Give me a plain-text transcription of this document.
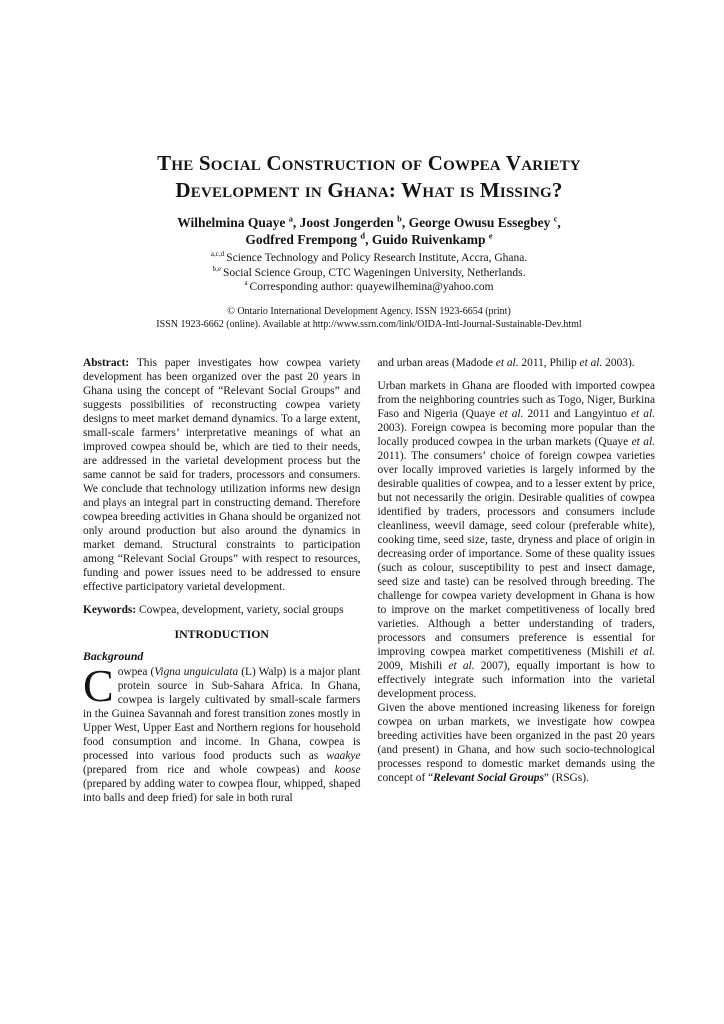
The Social Construction of Cowpea Variety
Development in Ghana: What is Missing?
Wilhelmina Quaye $^a$, Joost Jongerden $^b$, George Owusu Essegbey $^c$,
Godfred Frempong $^d$, Guido Ruivenkamp $^e$
$^{a,c,d}$ Science Technology and Policy Research Institute, Accra, Ghana.
$^{b,e}$ Social Science Group, CTC Wageningen University, Netherlands.
$^a$ Corresponding author: quayewilhemina@yahoo.com
© Ontario International Development Agency. ISSN 1923-6654 (print)
ISSN 1923-6662 (online). Available at http://www.ssrn.com/link/OIDA-Intl-Journal-Sustainable-Dev.html

Abstract: This paper investigates how cowpea variety development has been organized over the past 20 years in Ghana using the concept of “Relevant Social Groups” and suggests possibilities of reconstructing cowpea variety designs to meet market demand dynamics. To a large extent, small-scale farmers’ interpretative meanings of what an improved cowpea should be, which are tied to their needs, are addressed in the varietal development process but the same cannot be said for traders, processors and consumers. We conclude that technology utilization informs new design and plays an integral part in constructing demand. Therefore cowpea breeding activities in Ghana should be organized not only around production but also around the dynamics in market demand. Structural constraints to participation among “Relevant Social Groups” with respect to resources, funding and power issues need to be addressed to ensure effective participatory varietal development.

Keywords: Cowpea, development, variety, social groups

INTRODUCTION
Background

Cowpea (Vigna unguiculata (L) Walp) is a major plant protein source in Sub-Sahara Africa. In Ghana, cowpea is largely cultivated by small-scale farmers in the Guinea Savannah and forest transition zones mostly in Upper West, Upper East and Northern regions for household food consumption and income. In Ghana, cowpea is processed into various food products such as waakye (prepared from rice and whole cowpeas) and koose (prepared by adding water to cowpea flour, whipped, shaped into balls and deep fried) for sale in both rural

and urban areas (Madode et al. 2011, Philip et al. 2003).

Urban markets in Ghana are flooded with imported cowpea from the neighboring countries such as Togo, Niger, Burkina Faso and Nigeria (Quaye et al. 2011 and Langyintuo et al. 2003). Foreign cowpea is becoming more popular than the locally produced cowpea in the urban markets (Quaye et al. 2011). The consumers’ choice of foreign cowpea varieties over locally improved varieties is largely informed by the desirable qualities of cowpea, and to a lesser extent by price, but not necessarily the origin. Desirable qualities of cowpea identified by traders, processors and consumers include cleanliness, weevil damage, seed colour (preferable white), cooking time, seed size, taste, dryness and place of origin in decreasing order of importance. Some of these quality issues (such as colour, susceptibility to pest and insect damage, seed size and taste) can be resolved through breeding. The challenge for cowpea variety development in Ghana is how to improve on the market competitiveness of locally bred varieties. Although a better understanding of traders, processors and consumers preference is essential for improving cowpea market competitiveness (Mishili et al. 2009, Mishili et al. 2007), equally important is how to effectively integrate such information into the varietal development process.

Given the above mentioned increasing likeness for foreign cowpea on urban markets, we investigate how cowpea breeding activities have been organized in the past 20 years (and present) in Ghana, and how such socio-technological processes respond to domestic market demands using the concept of “Relevant Social Groups” (RSGs).
